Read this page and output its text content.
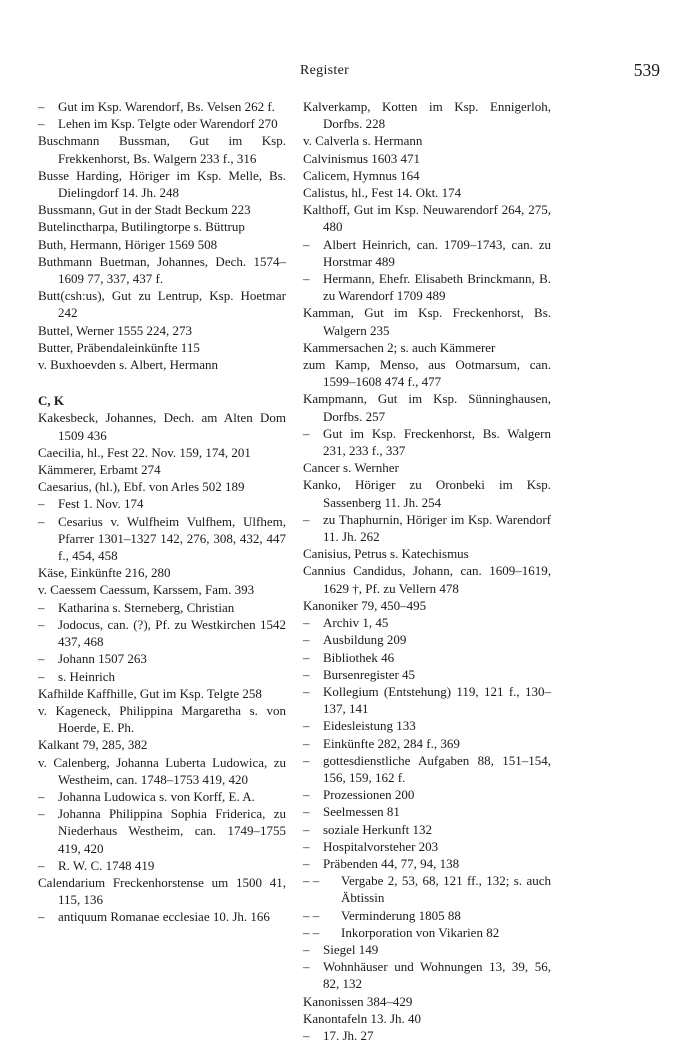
Register	539
– Gut im Ksp. Warendorf, Bs. Velsen 262 f.
– Lehen im Ksp. Telgte oder Warendorf 270
Buschmann Bussman, Gut im Ksp. Frekkenhorst, Bs. Walgern 233 f., 316
Busse Harding, Höriger im Ksp. Melle, Bs. Dielingdorf 14. Jh. 248
Bussmann, Gut in der Stadt Beckum 223
Butelinctharpa, Butilingtorpe s. Büttrup
Buth, Hermann, Höriger 1569 508
Buthmann Buetman, Johannes, Dech. 1574–1609 77, 337, 437 f.
Butt(csh:us), Gut zu Lentrup, Ksp. Hoetmar 242
Buttel, Werner 1555 224, 273
Butter, Präbendaleinkünfte 115
v. Buxhoevden s. Albert, Hermann
C, K
Kakesbeck, Johannes, Dech. am Alten Dom 1509 436
Caecilia, hl., Fest 22. Nov. 159, 174, 201
Kämmerer, Erbamt 274
Caesarius, (hl.), Ebf. von Arles 502 189
– Fest 1. Nov. 174
– Cesarius v. Wulfheim Vulfhem, Ulfhem, Pfarrer 1301–1327 142, 276, 308, 432, 447 f., 454, 458
Käse, Einkünfte 216, 280
v. Caessem Caessum, Karssem, Fam. 393
– Katharina s. Sterneberg, Christian
– Jodocus, can. (?), Pf. zu Westkirchen 1542 437, 468
– Johann 1507 263
– s. Heinrich
Kafhilde Kaffhille, Gut im Ksp. Telgte 258
v. Kageneck, Philippina Margaretha s. von Hoerde, E. Ph.
Kalkant 79, 285, 382
v. Calenberg, Johanna Luberta Ludowica, zu Westheim, can. 1748–1753 419, 420
– Johanna Ludowica s. von Korff, E. A.
– Johanna Philippina Sophia Friderica, zu Niederhaus Westheim, can. 1749–1755 419, 420
– R. W. C. 1748 419
Calendarium Freckenhorstense um 1500 41, 115, 136
– antiquum Romanae ecclesiae 10. Jh. 166
Kalverkamp, Kotten im Ksp. Ennigerloh, Dorfbs. 228
v. Calverla s. Hermann
Calvinismus 1603 471
Calicem, Hymnus 164
Calistus, hl., Fest 14. Okt. 174
Kalthoff, Gut im Ksp. Neuwarendorf 264, 275, 480
– Albert Heinrich, can. 1709–1743, can. zu Horstmar 489
– Hermann, Ehefr. Elisabeth Brinckmann, B. zu Warendorf 1709 489
Kamman, Gut im Ksp. Freckenhorst, Bs. Walgern 235
Kammersachen 2; s. auch Kämmerer
zum Kamp, Menso, aus Ootmarsum, can. 1599–1608 474 f., 477
Kampmann, Gut im Ksp. Sünninghausen, Dorfbs. 257
– Gut im Ksp. Freckenhorst, Bs. Walgern 231, 233 f., 337
Cancer s. Wernher
Kanko, Höriger zu Oronbeki im Ksp. Sassenberg 11. Jh. 254
– zu Thaphurnin, Höriger im Ksp. Warendorf 11. Jh. 262
Canisius, Petrus s. Katechismus
Cannius Candidus, Johann, can. 1609–1619, 1629 †, Pf. zu Vellern 478
Kanoniker 79, 450–495
– Archiv 1, 45
– Ausbildung 209
– Bibliothek 46
– Bursenregister 45
– Kollegium (Entstehung) 119, 121 f., 130–137, 141
– Eidesleistung 133
– Einkünfte 282, 284 f., 369
– gottesdienstliche Aufgaben 88, 151–154, 156, 159, 162 f.
– Prozessionen 200
– Seelmessen 81
– soziale Herkunft 132
– Hospitalvorsteher 203
– Präbenden 44, 77, 94, 138
– – Vergabe 2, 53, 68, 121 ff., 132; s. auch Äbtissin
– – Verminderung 1805 88
– – Inkorporation von Vikarien 82
– Siegel 149
– Wohnhäuser und Wohnungen 13, 39, 56, 82, 132
Kanonissen 384–429
Kanontafeln 13. Jh. 40
– 17. Jh. 27
